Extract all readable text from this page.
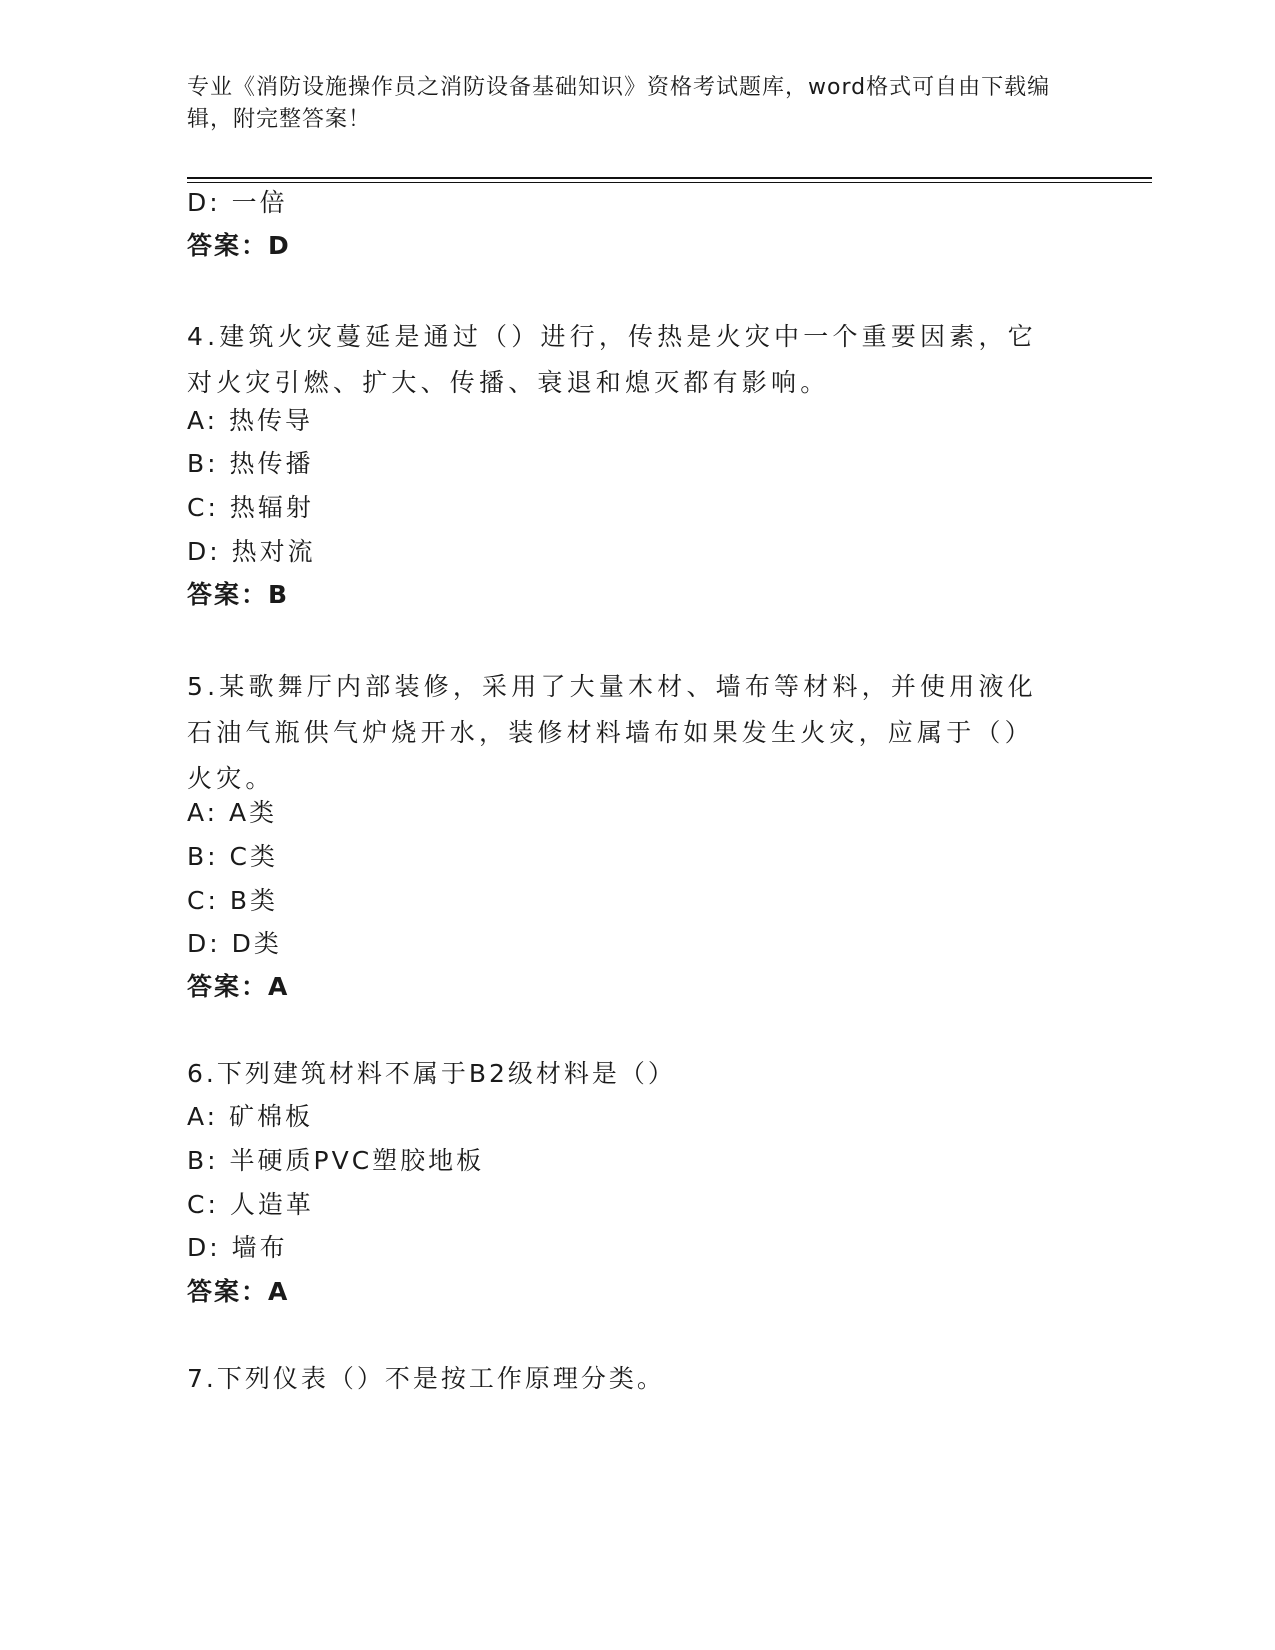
专业《消防设施操作员之消防设备基础知识》资格考试题库，word格式可自由下载编辑，附完整答案！
D: 一倍
答案：D
4.建筑火灾蔓延是通过（）进行，传热是火灾中一个重要因素，它对火灾引燃、扩大、传播、衰退和熄灭都有影响。
A: 热传导
B: 热传播
C: 热辐射
D: 热对流
答案：B
5.某歌舞厅内部装修，采用了大量木材、墙布等材料，并使用液化石油气瓶供气炉烧开水，装修材料墙布如果发生火灾，应属于（）火灾。
A: A类
B: C类
C: B类
D: D类
答案：A
6.下列建筑材料不属于B2级材料是（）
A: 矿棉板
B: 半硬质PVC塑胶地板
C: 人造革
D: 墙布
答案：A
7.下列仪表（）不是按工作原理分类。
